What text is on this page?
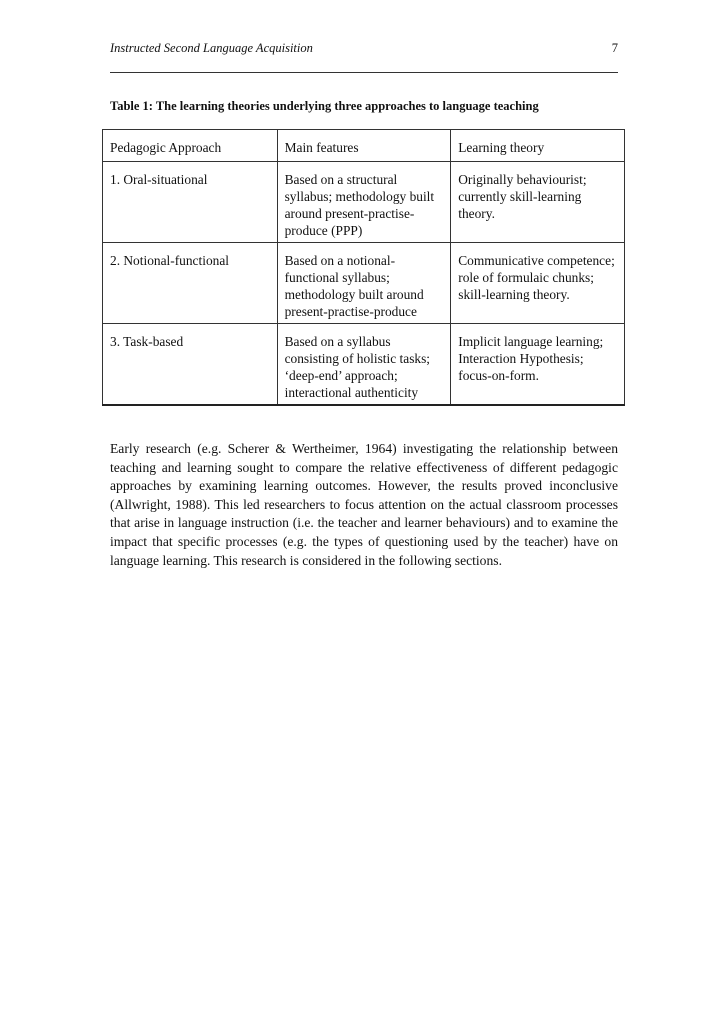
Instructed Second Language Acquisition	7
Table 1: The learning theories underlying three approaches to language teaching
Pedagogic Approach	Main features	Learning theory
1. Oral-situational	Based on a structural syllabus; methodology built around present-practise-produce (PPP)	Originally behaviourist; currently skill-learning theory.
2. Notional-functional	Based on a notional-functional syllabus; methodology built around present-practise-produce	Communicative competence; role of formulaic chunks; skill-learning theory.
3. Task-based	Based on a syllabus consisting of holistic tasks; ‘deep-end’ approach; interactional authenticity	Implicit language learning; Interaction Hypothesis; focus-on-form.

Early research (e.g. Scherer & Wertheimer, 1964) investigating the relationship between teaching and learning sought to compare the relative effectiveness of different pedagogic approaches by examining learning outcomes. However, the results proved inconclusive (Allwright, 1988). This led researchers to focus attention on the actual classroom processes that arise in language instruction (i.e. the teacher and learner behaviours) and to examine the impact that specific processes (e.g. the types of questioning used by the teacher) have on language learning. This research is considered in the following sections.
